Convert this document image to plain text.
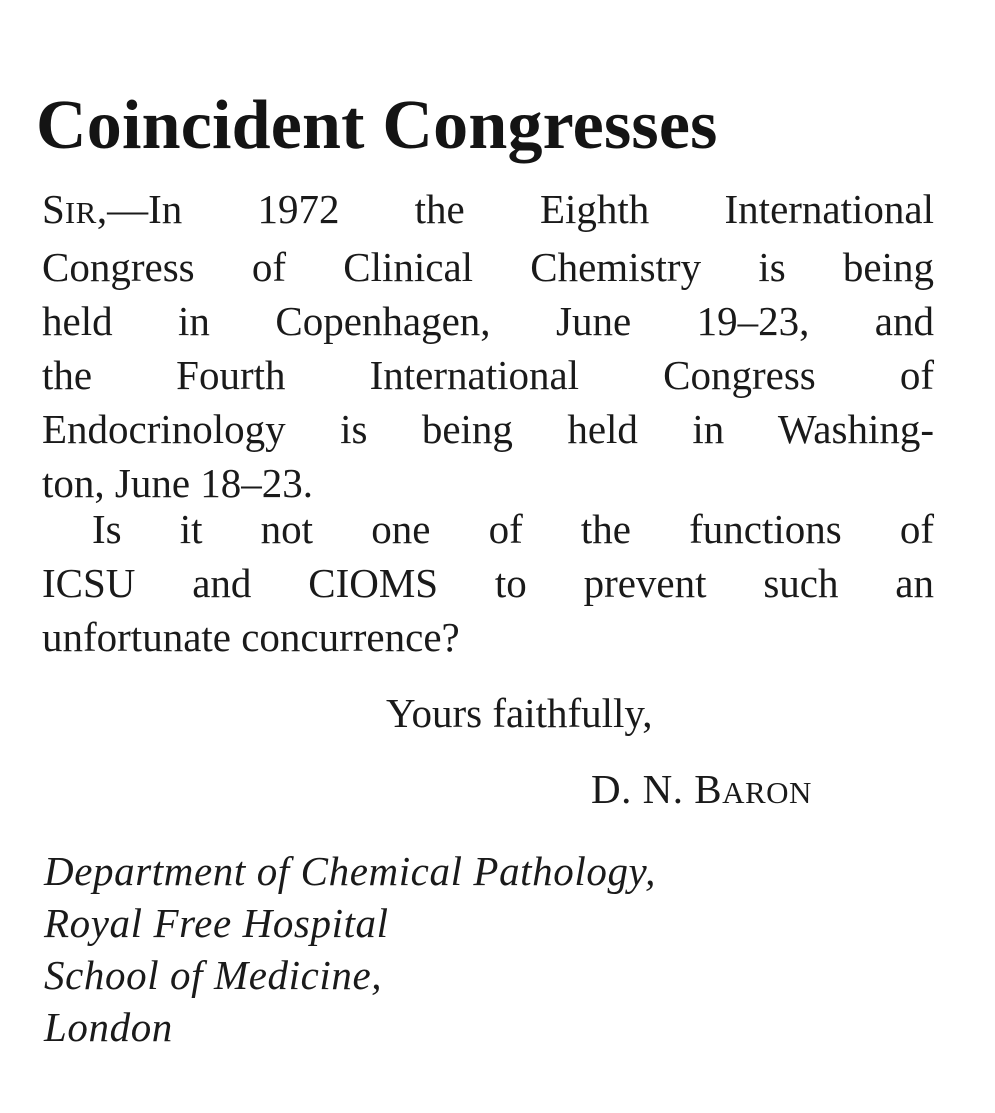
Coincident Congresses

SIR,—In 1972 the Eighth International
Congress of Clinical Chemistry is being
held in Copenhagen, June 19–23, and
the Fourth International Congress of
Endocrinology is being held in Washing-
ton, June 18–23.

Is it not one of the functions of
ICSU and CIOMS to prevent such an
unfortunate concurrence?

Yours faithfully,

D. N. BARON

Department of Chemical Pathology,
Royal Free Hospital
School of Medicine,
London
